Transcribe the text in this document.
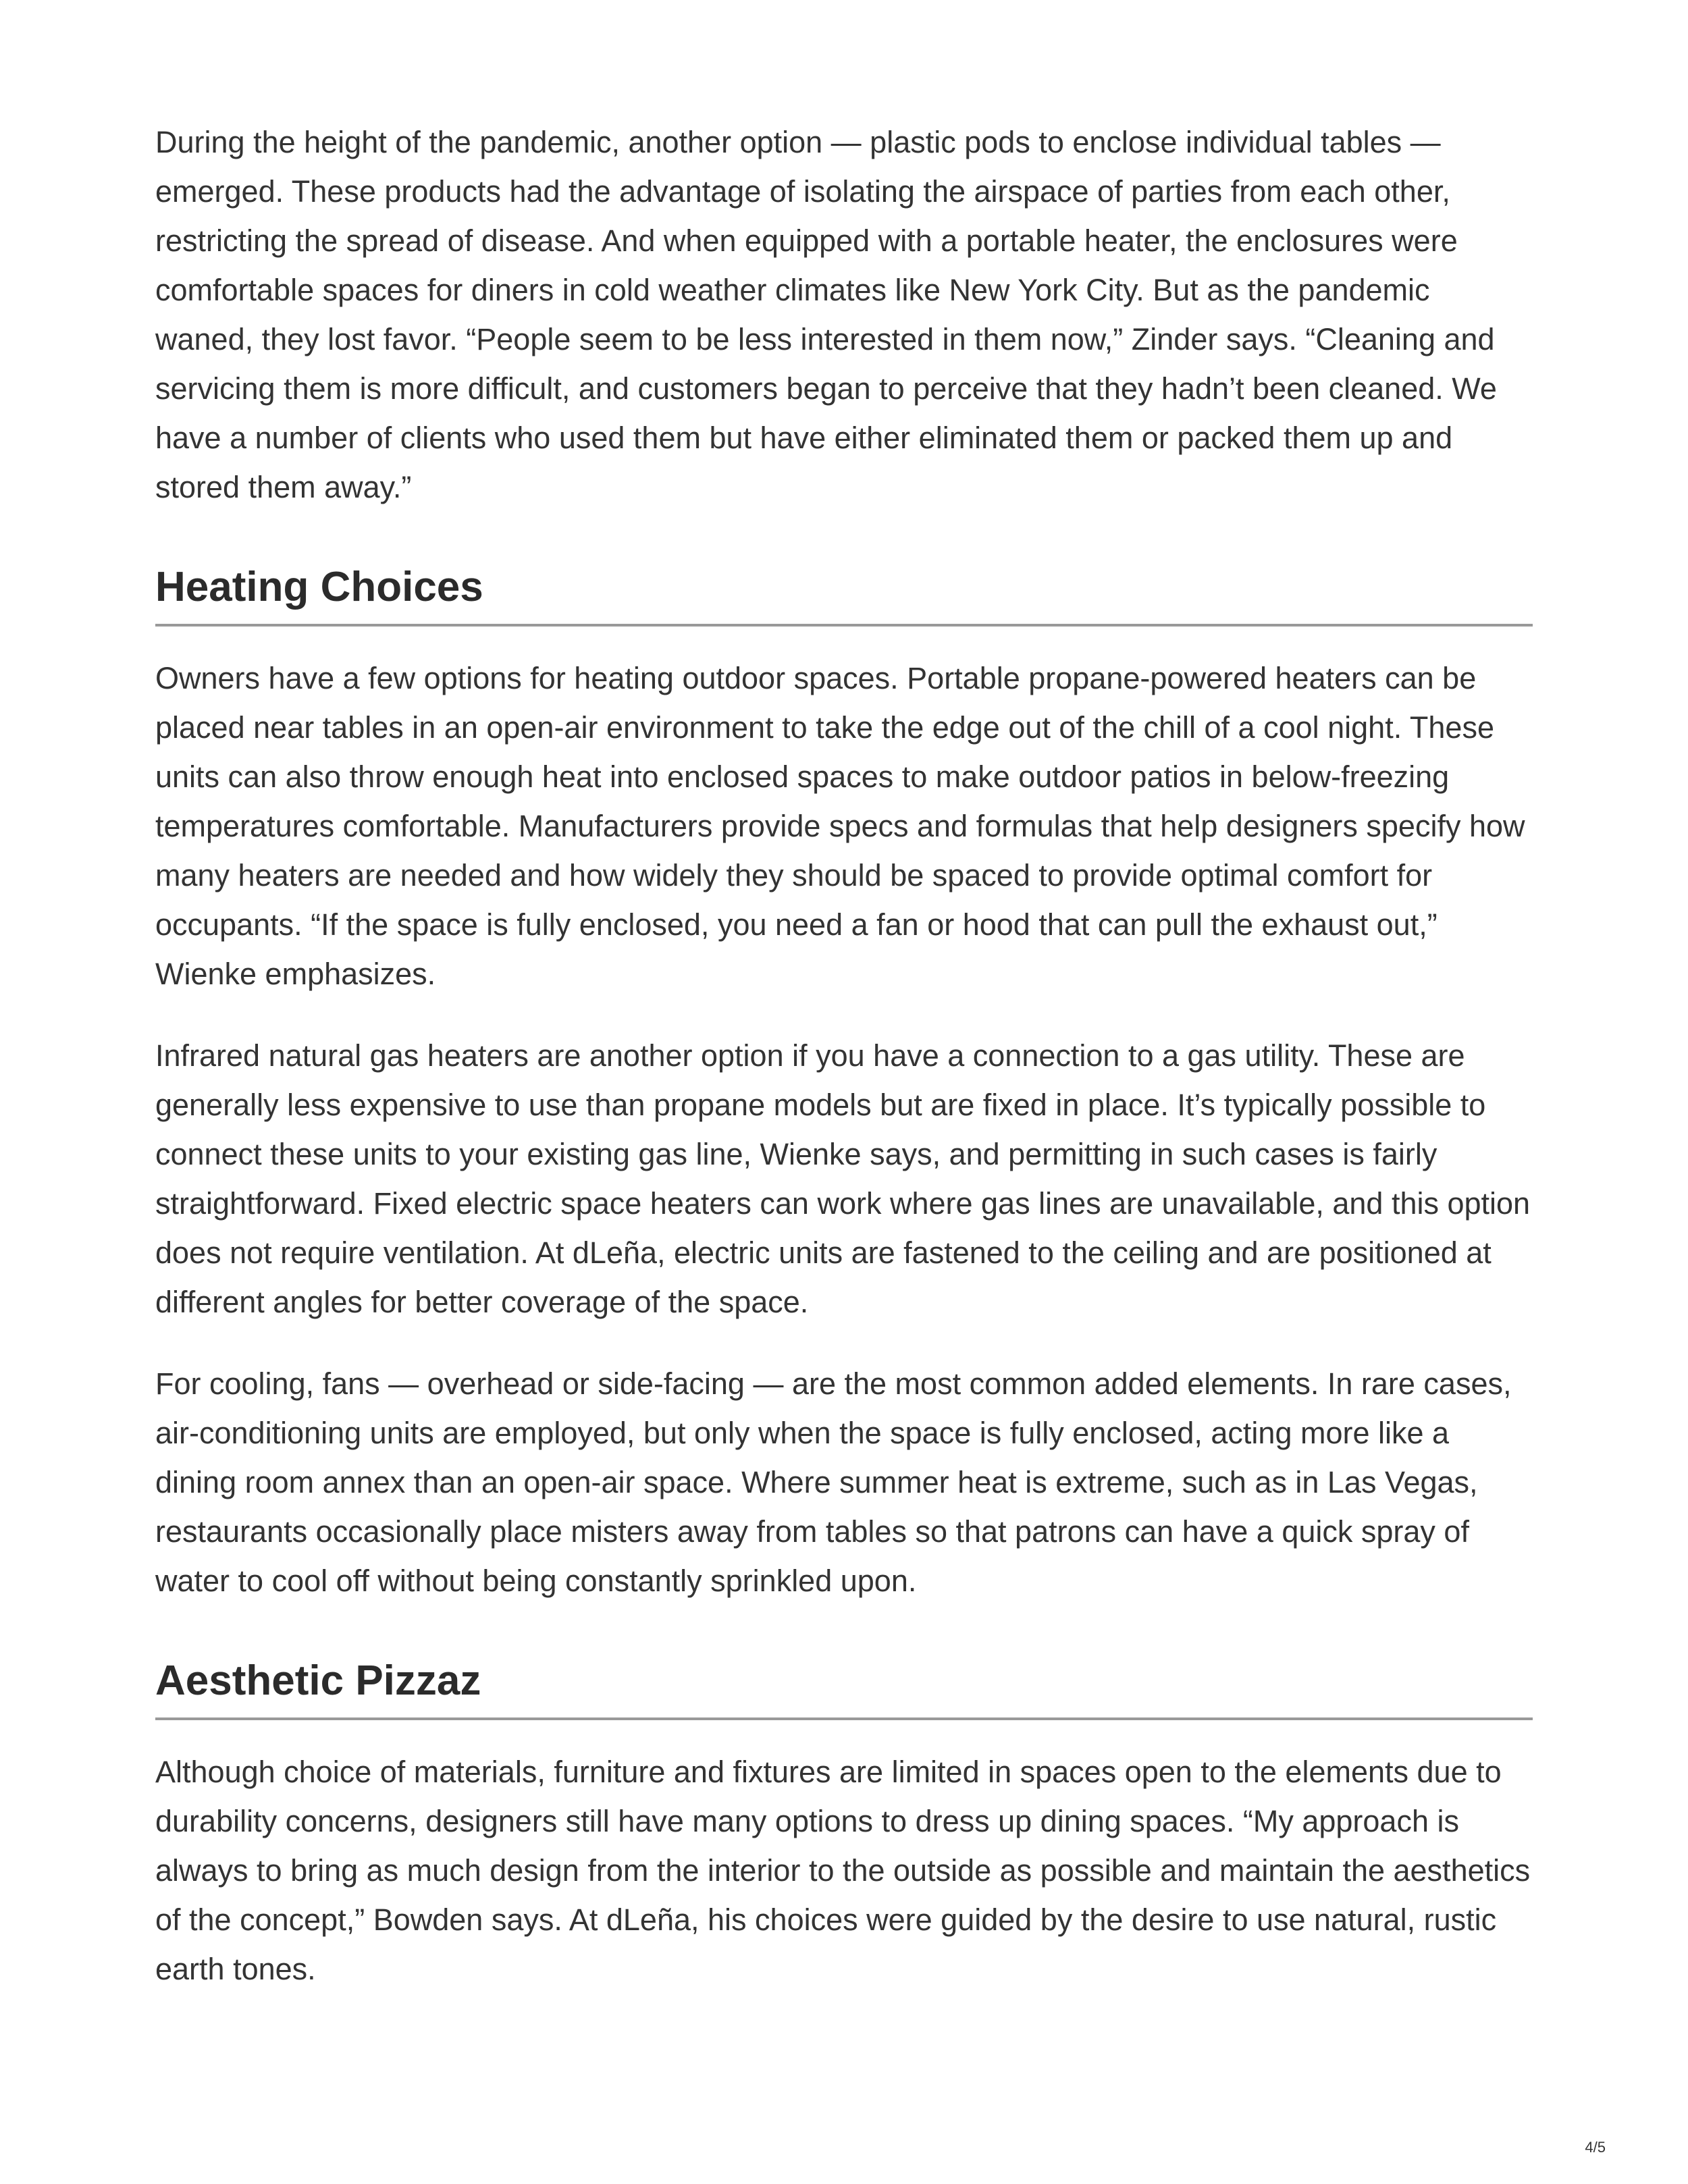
During the height of the pandemic, another option — plastic pods to enclose individual tables — emerged. These products had the advantage of isolating the airspace of parties from each other, restricting the spread of disease. And when equipped with a portable heater, the enclosures were comfortable spaces for diners in cold weather climates like New York City. But as the pandemic waned, they lost favor. “People seem to be less interested in them now,” Zinder says. “Cleaning and servicing them is more difficult, and customers began to perceive that they hadn’t been cleaned. We have a number of clients who used them but have either eliminated them or packed them up and stored them away.”

Heating Choices

Owners have a few options for heating outdoor spaces. Portable propane-powered heaters can be placed near tables in an open-air environment to take the edge out of the chill of a cool night. These units can also throw enough heat into enclosed spaces to make outdoor patios in below-freezing temperatures comfortable. Manufacturers provide specs and formulas that help designers specify how many heaters are needed and how widely they should be spaced to provide optimal comfort for occupants. “If the space is fully enclosed, you need a fan or hood that can pull the exhaust out,” Wienke emphasizes.

Infrared natural gas heaters are another option if you have a connection to a gas utility. These are generally less expensive to use than propane models but are fixed in place. It’s typically possible to connect these units to your existing gas line, Wienke says, and permitting in such cases is fairly straightforward. Fixed electric space heaters can work where gas lines are unavailable, and this option does not require ventilation. At dLeña, electric units are fastened to the ceiling and are positioned at different angles for better coverage of the space.

For cooling, fans — overhead or side-facing — are the most common added elements. In rare cases, air-conditioning units are employed, but only when the space is fully enclosed, acting more like a dining room annex than an open-air space. Where summer heat is extreme, such as in Las Vegas, restaurants occasionally place misters away from tables so that patrons can have a quick spray of water to cool off without being constantly sprinkled upon.

Aesthetic Pizzaz

Although choice of materials, furniture and fixtures are limited in spaces open to the elements due to durability concerns, designers still have many options to dress up dining spaces. “My approach is always to bring as much design from the interior to the outside as possible and maintain the aesthetics of the concept,” Bowden says. At dLeña, his choices were guided by the desire to use natural, rustic earth tones.

4/5
